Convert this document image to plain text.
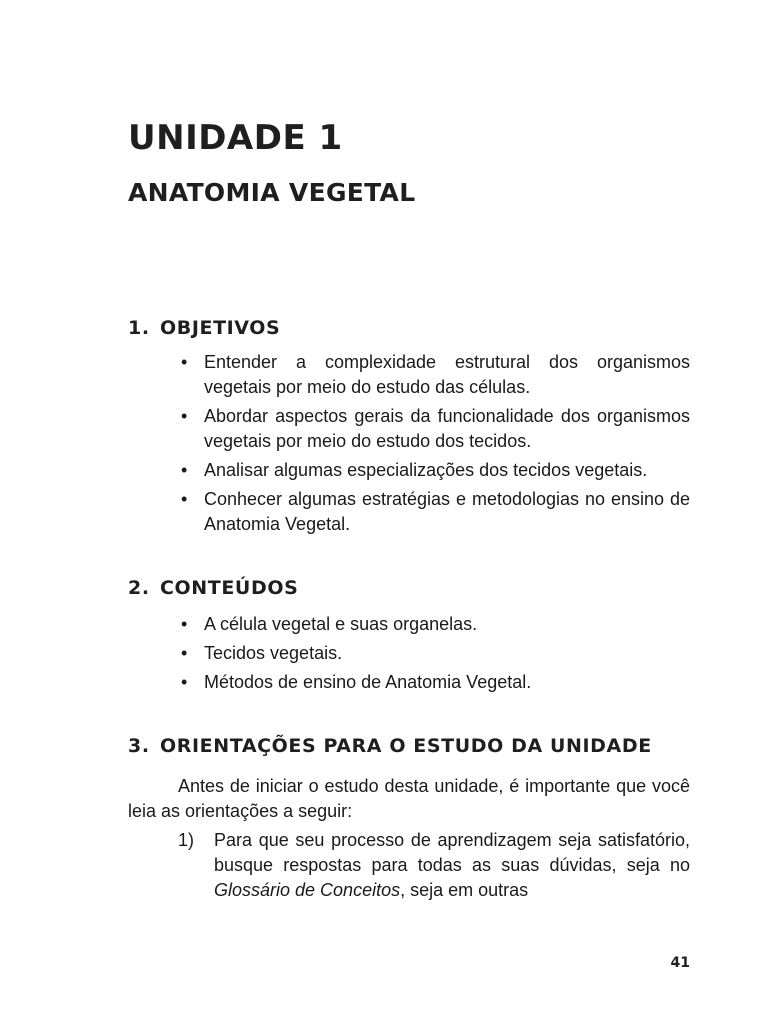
UNIDADE 1
ANATOMIA VEGETAL
1. OBJETIVOS
• Entender a complexidade estrutural dos organismos vegetais por meio do estudo das células.
• Abordar aspectos gerais da funcionalidade dos organismos vegetais por meio do estudo dos tecidos.
• Analisar algumas especializações dos tecidos vegetais.
• Conhecer algumas estratégias e metodologias no ensino de Anatomia Vegetal.
2. CONTEÚDOS
• A célula vegetal e suas organelas.
• Tecidos vegetais.
• Métodos de ensino de Anatomia Vegetal.
3. ORIENTAÇÕES PARA O ESTUDO DA UNIDADE

Antes de iniciar o estudo desta unidade, é importante que você leia as orientações a seguir:

1) Para que seu processo de aprendizagem seja satisfatório, busque respostas para todas as suas dúvidas, seja no Glossário de Conceitos, seja em outras
41
